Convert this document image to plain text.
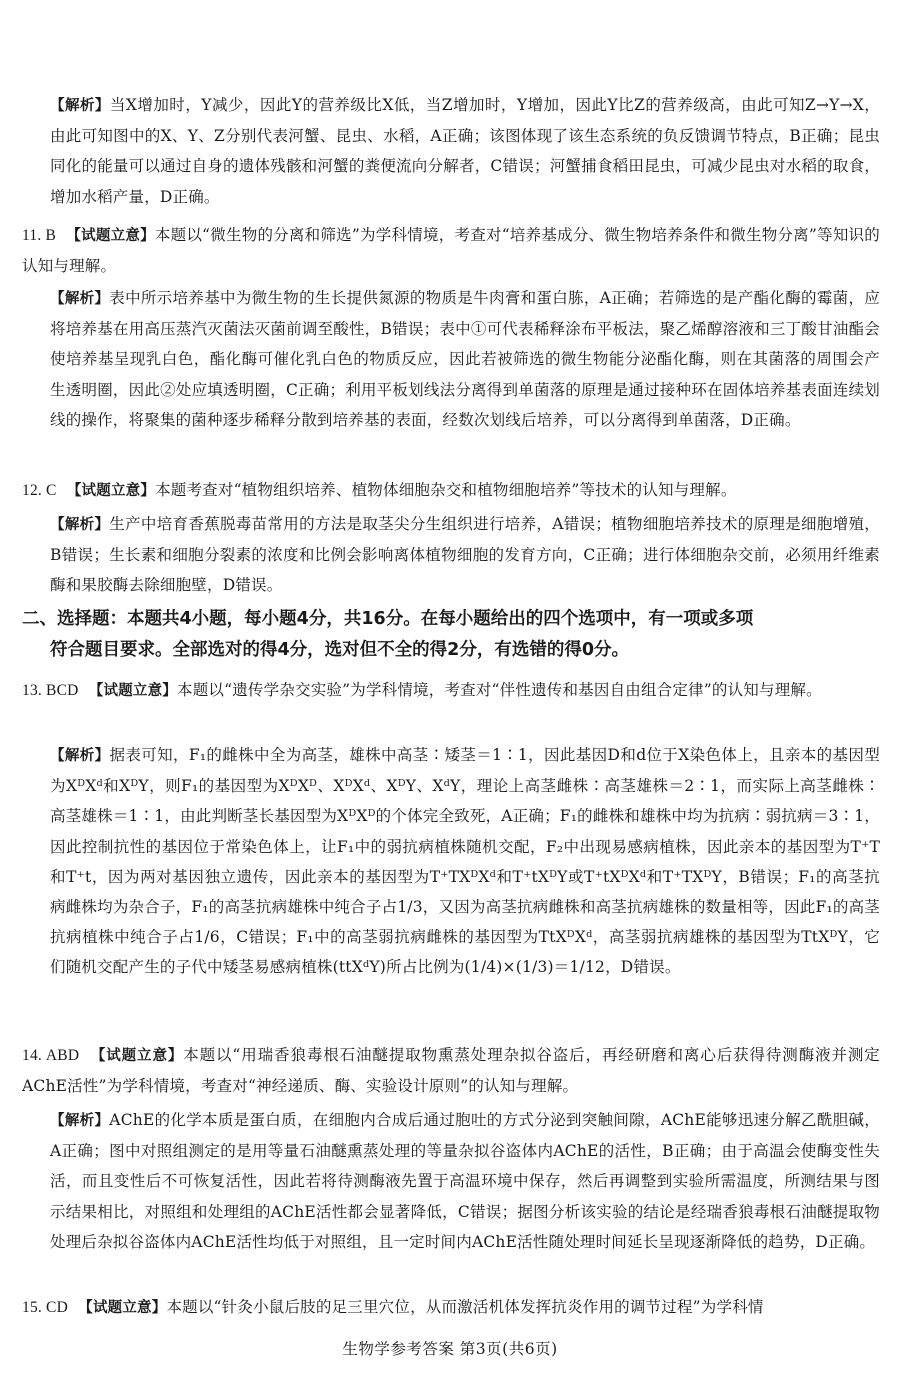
【解析】当X增加时，Y减少，因此Y的营养级比X低，当Z增加时，Y增加，因此Y比Z的营养级高，由此可知Z→Y→X，由此可知图中的X、Y、Z分别代表河蟹、昆虫、水稻，A正确；该图体现了该生态系统的负反馈调节特点，B正确；昆虫同化的能量可以通过自身的遗体残骸和河蟹的粪便流向分解者，C错误；河蟹捕食稻田昆虫，可减少昆虫对水稻的取食，增加水稻产量，D正确。

11. B 【试题立意】本题以“微生物的分离和筛选”为学科情境，考查对“培养基成分、微生物培养条件和微生物分离”等知识的认知与理解。

【解析】表中所示培养基中为微生物的生长提供氮源的物质是牛肉膏和蛋白胨，A正确；若筛选的是产酯化酶的霉菌，应将培养基在用高压蒸汽灭菌法灭菌前调至酸性，B错误；表中①可代表稀释涂布平板法，聚乙烯醇溶液和三丁酸甘油酯会使培养基呈现乳白色，酯化酶可催化乳白色的物质反应，因此若被筛选的微生物能分泌酯化酶，则在其菌落的周围会产生透明圈，因此②处应填透明圈，C正确；利用平板划线法分离得到单菌落的原理是通过接种环在固体培养基表面连续划线的操作，将聚集的菌种逐步稀释分散到培养基的表面，经数次划线后培养，可以分离得到单菌落，D正确。

12. C 【试题立意】本题考查对“植物组织培养、植物体细胞杂交和植物细胞培养”等技术的认知与理解。

【解析】生产中培育香蕉脱毒苗常用的方法是取茎尖分生组织进行培养，A错误；植物细胞培养技术的原理是细胞增殖，B错误；生长素和细胞分裂素的浓度和比例会影响离体植物细胞的发育方向，C正确；进行体细胞杂交前，必须用纤维素酶和果胶酶去除细胞壁，D错误。

二、选择题：本题共4小题，每小题4分，共16分。在每小题给出的四个选项中，有一项或多项
符合题目要求。全部选对的得4分，选对但不全的得2分，有选错的得0分。

13. BCD 【试题立意】本题以“遗传学杂交实验”为学科情境，考查对“伴性遗传和基因自由组合定律”的认知与理解。

【解析】据表可知，F₁的雌株中全为高茎，雄株中高茎∶矮茎＝1∶1，因此基因D和d位于X染色体上，且亲本的基因型为XᴰXᵈ和XᴰY，则F₁的基因型为XᴰXᴰ、XᴰXᵈ、XᴰY、XᵈY，理论上高茎雌株∶高茎雄株＝2∶1，而实际上高茎雌株∶高茎雄株＝1∶1，由此判断茎长基因型为XᴰXᴰ的个体完全致死，A正确；F₁的雌株和雄株中均为抗病∶弱抗病＝3∶1，因此控制抗性的基因位于常染色体上，让F₁中的弱抗病植株随机交配，F₂中出现易感病植株，因此亲本的基因型为T⁺T和T⁺t，因为两对基因独立遗传，因此亲本的基因型为T⁺TXᴰXᵈ和T⁺tXᴰY或T⁺tXᴰXᵈ和T⁺TXᴰY，B错误；F₁的高茎抗病雌株均为杂合子，F₁的高茎抗病雄株中纯合子占1/3，又因为高茎抗病雌株和高茎抗病雄株的数量相等，因此F₁的高茎抗病植株中纯合子占1/6，C错误；F₁中的高茎弱抗病雌株的基因型为TtXᴰXᵈ，高茎弱抗病雄株的基因型为TtXᴰY，它们随机交配产生的子代中矮茎易感病植株(ttXᵈY)所占比例为(1/4)×(1/3)＝1/12，D错误。

14. ABD 【试题立意】本题以“用瑞香狼毒根石油醚提取物熏蒸处理杂拟谷盗后，再经研磨和离心后获得待测酶液并测定AChE活性”为学科情境，考查对“神经递质、酶、实验设计原则”的认知与理解。

【解析】AChE的化学本质是蛋白质，在细胞内合成后通过胞吐的方式分泌到突触间隙，AChE能够迅速分解乙酰胆碱，A正确；图中对照组测定的是用等量石油醚熏蒸处理的等量杂拟谷盗体内AChE的活性，B正确；由于高温会使酶变性失活，而且变性后不可恢复活性，因此若将待测酶液先置于高温环境中保存，然后再调整到实验所需温度，所测结果与图示结果相比，对照组和处理组的AChE活性都会显著降低，C错误；据图分析该实验的结论是经瑞香狼毒根石油醚提取物处理后杂拟谷盗体内AChE活性均低于对照组，且一定时间内AChE活性随处理时间延长呈现逐渐降低的趋势，D正确。

15. CD 【试题立意】本题以“针灸小鼠后肢的足三里穴位，从而激活机体发挥抗炎作用的调节过程”为学科情

生物学参考答案 第3页(共6页)
